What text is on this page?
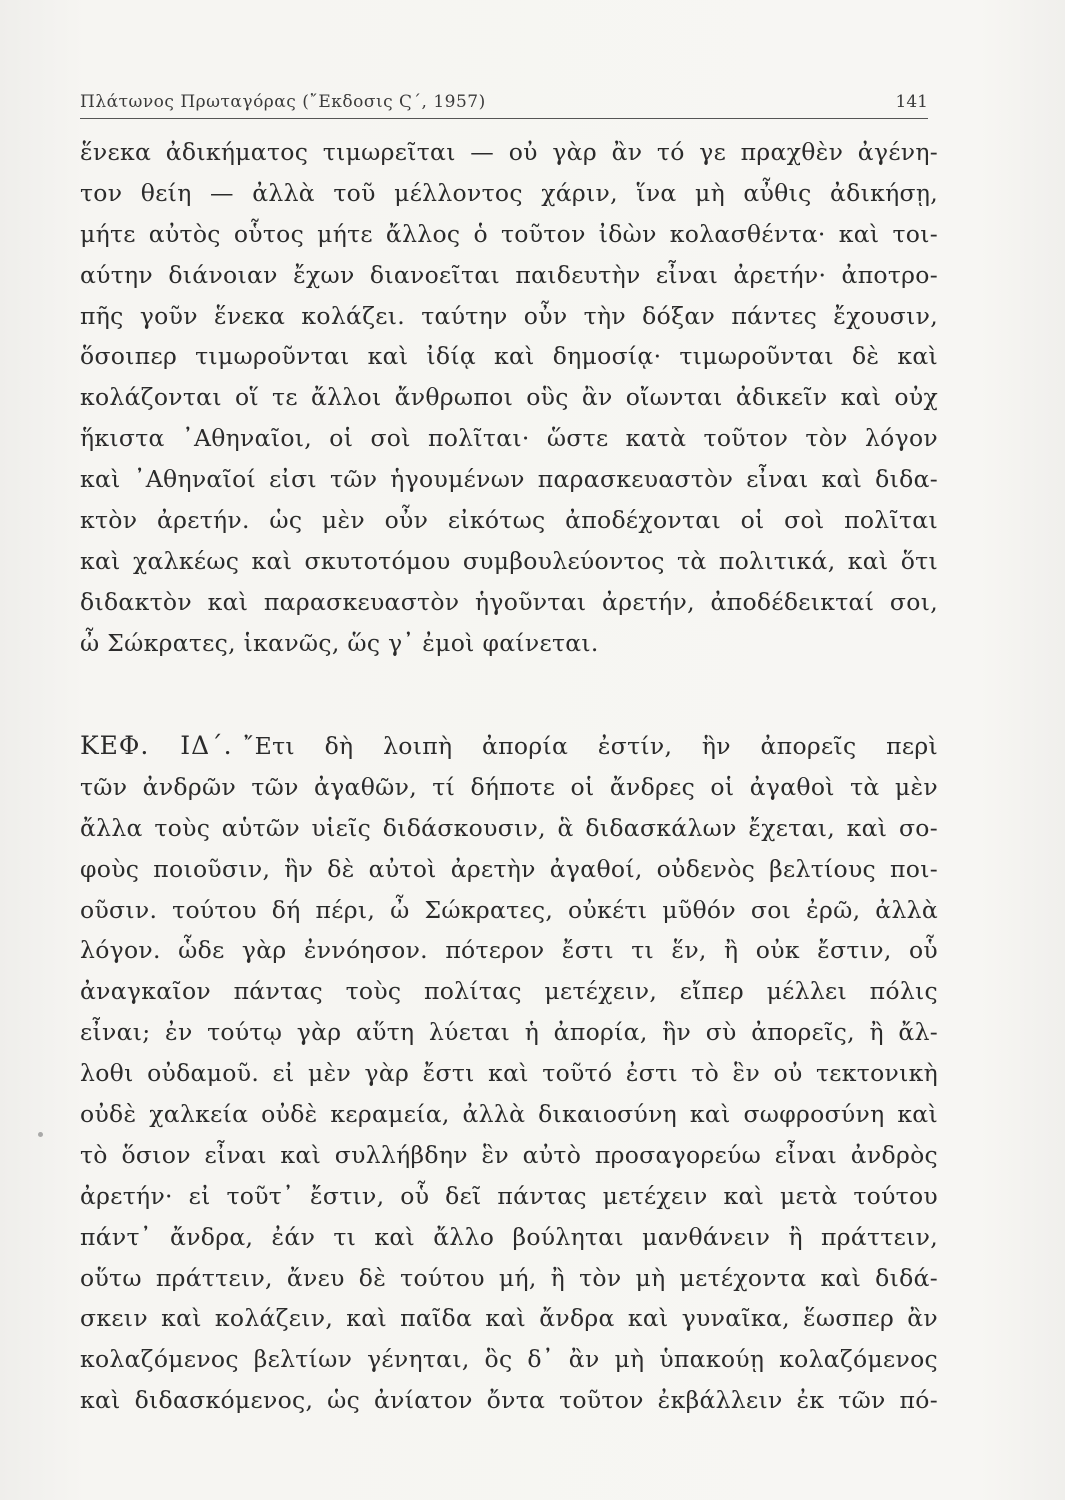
Πλάτωνος Πρωταγόρας (῎Εκδοσις Ϛ΄, 1957)	141
ἕνεκα ἀδικήματος τιμωρεῖται — οὐ γὰρ ἂν τό γε πραχθὲν ἀγένη-
τον θείη — ἀλλὰ τοῦ μέλλοντος χάριν, ἵνα μὴ αὖθις ἀδικήσῃ,
μήτε αὐτὸς οὗτος μήτε ἄλλος ὁ τοῦτον ἰδὼν κολασθέντα· καὶ τοι-
αύτην διάνοιαν ἔχων διανοεῖται παιδευτὴν εἶναι ἀρετήν· ἀποτρο-
πῆς γοῦν ἕνεκα κολάζει. ταύτην οὖν τὴν δόξαν πάντες ἔχουσιν,
ὅσοιπερ τιμωροῦνται καὶ ἰδίᾳ καὶ δημοσίᾳ· τιμωροῦνται δὲ καὶ
κολάζονται οἵ τε ἄλλοι ἄνθρωποι οὓς ἂν οἴωνται ἀδικεῖν καὶ οὐχ
ἥκιστα ᾿Αθηναῖοι, οἱ σοὶ πολῖται· ὥστε κατὰ τοῦτον τὸν λόγον
καὶ ᾿Αθηναῖοί εἰσι τῶν ἡγουμένων παρασκευαστὸν εἶναι καὶ διδα-
κτὸν ἀρετήν. ὡς μὲν οὖν εἰκότως ἀποδέχονται οἱ σοὶ πολῖται
καὶ χαλκέως καὶ σκυτοτόμου συμβουλεύοντος τὰ πολιτικά, καὶ ὅτι
διδακτὸν καὶ παρασκευαστὸν ἡγοῦνται ἀρετήν, ἀποδέδεικταί σοι,
ὦ Σώκρατες, ἱκανῶς, ὥς γ᾿ ἐμοὶ φαίνεται.
ΚΕΦ. ΙΔ΄. ῎Ετι δὴ λοιπὴ ἀπορία ἐστίν, ἣν ἀπορεῖς περὶ
τῶν ἀνδρῶν τῶν ἀγαθῶν, τί δήποτε οἱ ἄνδρες οἱ ἀγαθοὶ τὰ μὲν
ἄλλα τοὺς αὑτῶν υἱεῖς διδάσκουσιν, ἃ διδασκάλων ἔχεται, καὶ σο-
φοὺς ποιοῦσιν, ἣν δὲ αὐτοὶ ἀρετὴν ἀγαθοί, οὐδενὸς βελτίους ποι-
οῦσιν. τούτου δή πέρι, ὦ Σώκρατες, οὐκέτι μῦθόν σοι ἐρῶ, ἀλλὰ
λόγον. ὧδε γὰρ ἐννόησον. πότερον ἔστι τι ἕν, ἢ οὐκ ἔστιν, οὗ
ἀναγκαῖον πάντας τοὺς πολίτας μετέχειν, εἴπερ μέλλει πόλις
εἶναι; ἐν τούτῳ γὰρ αὕτη λύεται ἡ ἀπορία, ἣν σὺ ἀπορεῖς, ἢ ἄλ-
λοθι οὐδαμοῦ. εἰ μὲν γὰρ ἔστι καὶ τοῦτό ἐστι τὸ ἓν οὐ τεκτονικὴ
οὐδὲ χαλκεία οὐδὲ κεραμεία, ἀλλὰ δικαιοσύνη καὶ σωφροσύνη καὶ
τὸ ὅσιον εἶναι καὶ συλλήβδην ἓν αὐτὸ προσαγορεύω εἶναι ἀνδρὸς
ἀρετήν· εἰ τοῦτ᾿ ἔστιν, οὗ δεῖ πάντας μετέχειν καὶ μετὰ τούτου
πάντ᾿ ἄνδρα, ἐάν τι καὶ ἄλλο βούληται μανθάνειν ἢ πράττειν,
οὕτω πράττειν, ἄνευ δὲ τούτου μή, ἢ τὸν μὴ μετέχοντα καὶ διδά-
σκειν καὶ κολάζειν, καὶ παῖδα καὶ ἄνδρα καὶ γυναῖκα, ἕωσπερ ἂν
κολαζόμενος βελτίων γένηται, ὃς δ᾿ ἂν μὴ ὑπακούῃ κολαζόμενος
καὶ διδασκόμενος, ὡς ἀνίατον ὄντα τοῦτον ἐκβάλλειν ἐκ τῶν πό-
